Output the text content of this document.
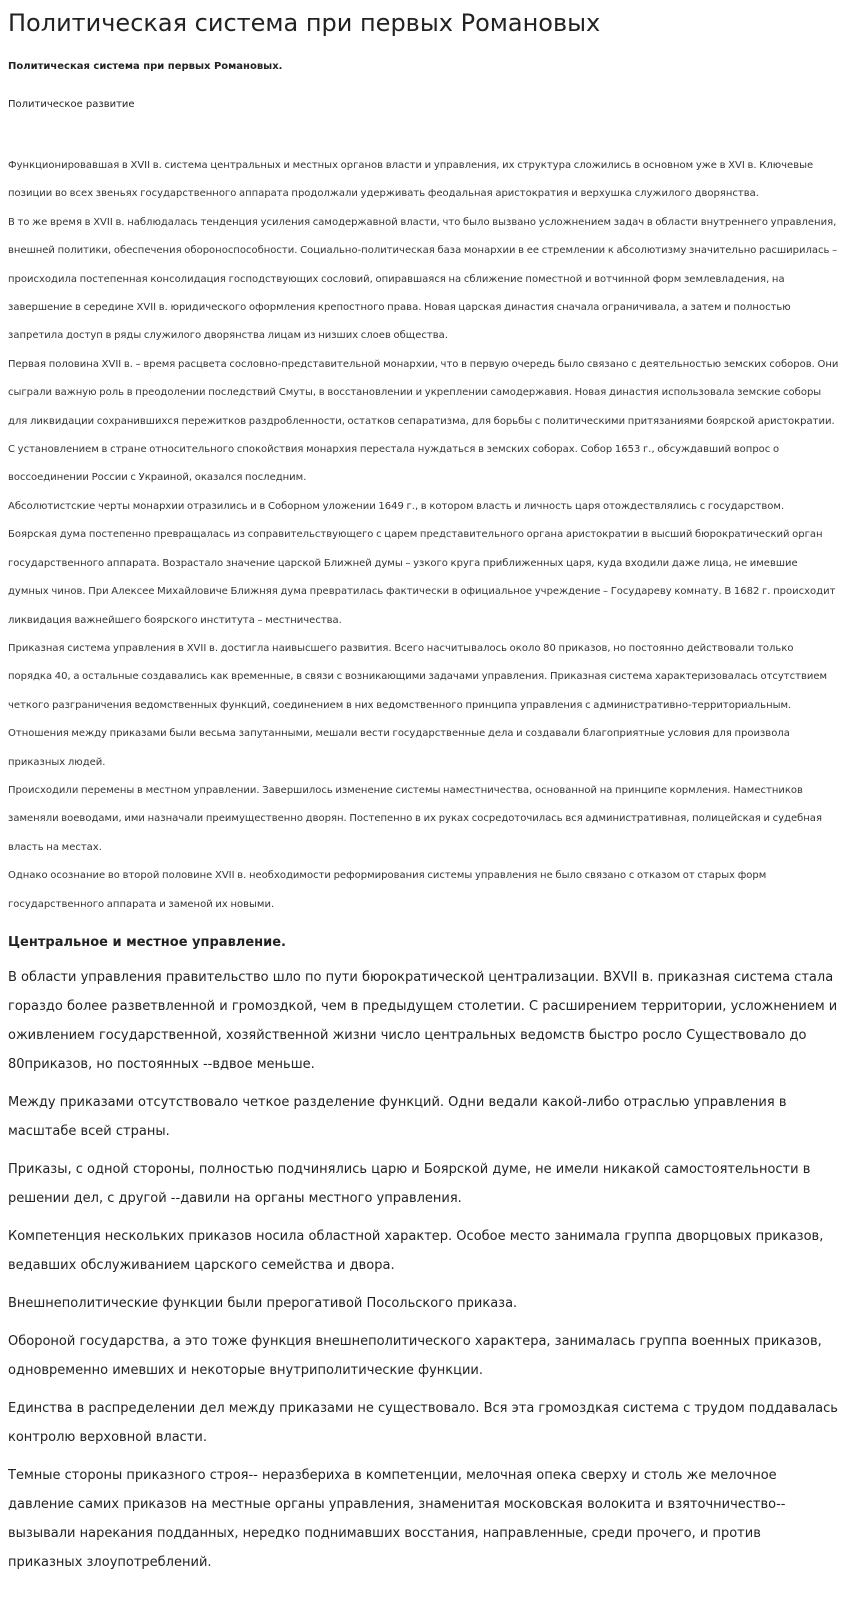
Политическая система при первых Романовых
Политическая система при первых Романовых.
Политическое развитие

Функционировавшая в XVII в. система центральных и местных органов власти и управления, их структура сложились в основном уже в XVI в. Ключевые позиции во всех звеньях государственного аппарата продолжали удерживать феодальная аристократия и верхушка служилого дворянства.

В то же время в XVII в. наблюдалась тенденция усиления самодержавной власти, что было вызвано усложнением задач в области внутреннего управления, внешней политики, обеспечения обороноспособности. Социально-политическая база монархии в ее стремлении к абсолютизму значительно расширилась – происходила постепенная консолидация господствующих сословий, опиравшаяся на сближение поместной и вотчинной форм землевладения, на завершение в середине XVII в. юридического оформления крепостного права. Новая царская династия сначала ограничивала, а затем и полностью запретила доступ в ряды служилого дворянства лицам из низших слоев общества.

Первая половина XVII в. – время расцвета сословно-представительной монархии, что в первую очередь было связано с деятельностью земских соборов. Они сыграли важную роль в преодолении последствий Смуты, в восстановлении и укреплении самодержавия. Новая династия использовала земские соборы для ликвидации сохранившихся пережитков раздробленности, остатков сепаратизма, для борьбы с политическими притязаниями боярской аристократии.

С установлением в стране относительного спокойствия монархия перестала нуждаться в земских соборах. Собор 1653 г., обсуждавший вопрос о воссоединении России с Украиной, оказался последним.

Абсолютистские черты монархии отразились и в Соборном уложении 1649 г., в котором власть и личность царя отождествлялись с государством.

Боярская дума постепенно превращалась из соправительствующего с царем представительного органа аристократии в высший бюрократический орган государственного аппарата. Возрастало значение царской Ближней думы – узкого круга приближенных царя, куда входили даже лица, не имевшие думных чинов. При Алексее Михайловиче Ближняя дума превратилась фактически в официальное учреждение – Государеву комнату. В 1682 г. происходит ликвидация важнейшего боярского института – местничества.

Приказная система управления в XVII в. достигла наивысшего развития. Всего насчитывалось около 80 приказов, но постоянно действовали только порядка 40, а остальные создавались как временные, в связи с возникающими задачами управления. Приказная система характеризовалась отсутствием четкого разграничения ведомственных функций, соединением в них ведомственного принципа управления с административно-территориальным. Отношения между приказами были весьма запутанными, мешали вести государственные дела и создавали благоприятные условия для произвола приказных людей.

Происходили перемены в местном управлении. Завершилось изменение системы наместничества, основанной на принципе кормления. Наместников заменяли воеводами, ими назначали преимущественно дворян. Постепенно в их руках сосредоточилась вся административная, полицейская и судебная власть на местах.

Однако осознание во второй половине XVII в. необходимости реформирования системы управления не было связано с отказом от старых форм государственного аппарата и заменой их новыми.

Центральное и местное управление.

В области управления правительство шло по пути бюрократической централизации. ВXVII в. приказная система стала гораздо более разветвленной и громоздкой, чем в предыдущем столетии. С расширением территории, усложнением и оживлением государственной, хозяйственной жизни число центральных ведомств быстро росло Существовало до 80приказов, но постоянных --вдвое меньше.

Между приказами отсутствовало четкое разделение функций. Одни ведали какой-либо отраслью управления в масштабе всей страны.

Приказы, с одной стороны, полностью подчинялись царю и Боярской думе, не имели никакой самостоятельности в решении дел, с другой --давили на органы местного управления.

Компетенция нескольких приказов носила областной характер. Особое место занимала группа дворцовых приказов, ведавших обслуживанием царского семейства и двора.

Внешнеполитические функции были прерогативой Посольского приказа.

Обороной государства, а это тоже функция внешнеполитического характера, занималась группа военных приказов, одновременно имевших и некоторые внутриполитические функции.

Единства в распределении дел между приказами не существовало. Вся эта громоздкая система с трудом поддавалась контролю верховной власти.

Темные стороны приказного строя-- неразбериха в компетенции, мелочная опека сверху и столь же мелочное давление самих приказов на местные органы управления, знаменитая московская волокита и взяточничество-- вызывали нарекания подданных, нередко поднимавших восстания, направленные, среди прочего, и против приказных злоупотреблений.
